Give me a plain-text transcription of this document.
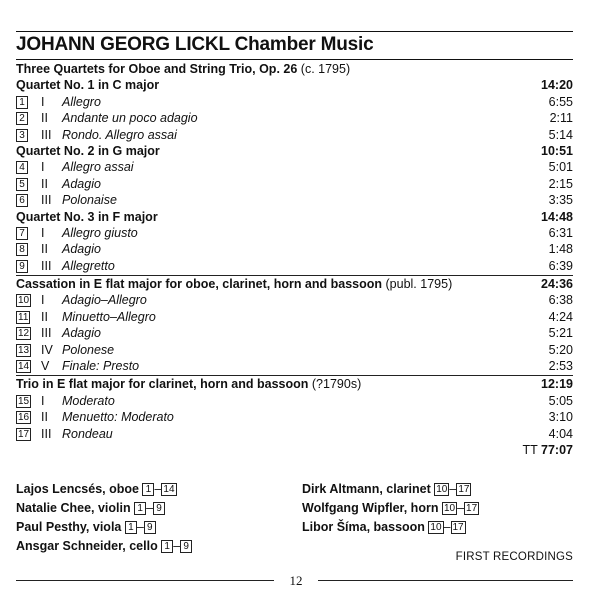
JOHANN GEORG LICKL Chamber Music
Three Quartets for Oboe and String Trio, Op. 26 (c. 1795)
Quartet No. 1 in C major	14:20
1 I Allegro	6:55
2 II Andante un poco adagio	2:11
3 III Rondo. Allegro assai	5:14
Quartet No. 2 in G major	10:51
4 I Allegro assai	5:01
5 II Adagio	2:15
6 III Polonaise	3:35
Quartet No. 3 in F major	14:48
7 I Allegro giusto	6:31
8 II Adagio	1:48
9 III Allegretto	6:39
Cassation in E flat major for oboe, clarinet, horn and bassoon (publ. 1795)	24:36
10 I Adagio–Allegro	6:38
11 II Minuetto–Allegro	4:24
12 III Adagio	5:21
13 IV Polonese	5:20
14 V Finale: Presto	2:53
Trio in E flat major for clarinet, horn and bassoon (?1790s)	12:19
15 I Moderato	5:05
16 II Menuetto: Moderato	3:10
17 III Rondeau	4:04
TT 77:07
Lajos Lencsés, oboe 1 – 14
Natalie Chee, violin 1 – 9
Paul Pesthy, viola 1 – 9
Ansgar Schneider, cello 1 – 9
Dirk Altmann, clarinet 10 – 17
Wolfgang Wipfler, horn 10 – 17
Libor Šíma, bassoon 10 – 17
FIRST RECORDINGS
12
